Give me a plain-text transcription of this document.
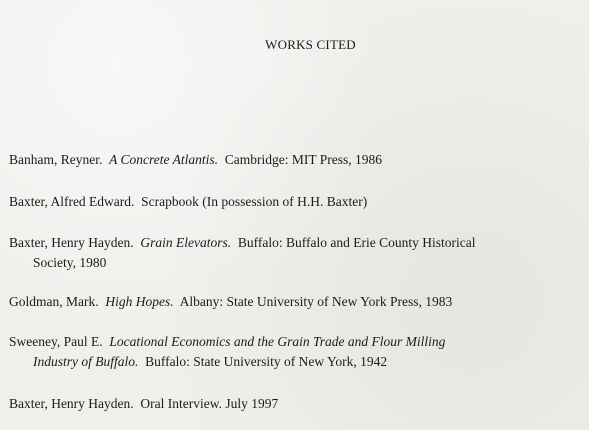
WORKS CITED
Banham, Reyner. A Concrete Atlantis. Cambridge: MIT Press, 1986
Baxter, Alfred Edward. Scrapbook (In possession of H.H. Baxter)
Baxter, Henry Hayden. Grain Elevators. Buffalo: Buffalo and Erie County Historical
Society, 1980
Goldman, Mark. High Hopes. Albany: State University of New York Press, 1983
Sweeney, Paul E. Locational Economics and the Grain Trade and Flour Milling
Industry of Buffalo. Buffalo: State University of New York, 1942
Baxter, Henry Hayden. Oral Interview. July 1997
